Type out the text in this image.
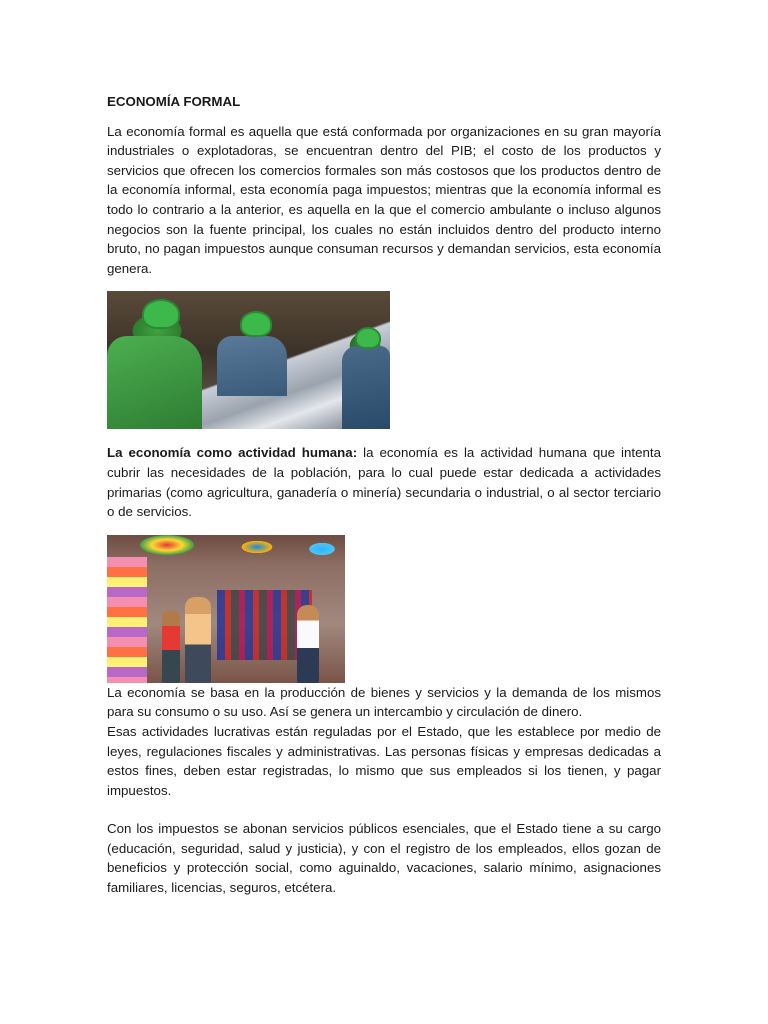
ECONOMÍA FORMAL

La economía formal es aquella que está conformada por organizaciones en su gran mayoría industriales o explotadoras, se encuentran dentro del PIB; el costo de los productos y servicios que ofrecen los comercios formales son más costosos que los productos dentro de la economía informal, esta economía paga impuestos; mientras que la economía informal es todo lo contrario a la anterior, es aquella en la que el comercio ambulante o incluso algunos negocios son la fuente principal, los cuales no están incluidos dentro del producto interno bruto, no pagan impuestos aunque consuman recursos y demandan servicios, esta economía genera.

La economía como actividad humana: la economía es la actividad humana que intenta cubrir las necesidades de la población, para lo cual puede estar dedicada a actividades primarias (como agricultura, ganadería o minería) secundaria o industrial, o al sector terciario o de servicios.

La economía se basa en la producción de bienes y servicios y la demanda de los mismos para su consumo o su uso. Así se genera un intercambio y circulación de dinero.

Esas actividades lucrativas están reguladas por el Estado, que les establece por medio de leyes, regulaciones fiscales y administrativas. Las personas físicas y empresas dedicadas a estos fines, deben estar registradas, lo mismo que sus empleados si los tienen, y pagar impuestos.

Con los impuestos se abonan servicios públicos esenciales, que el Estado tiene a su cargo (educación, seguridad, salud y justicia), y con el registro de los empleados, ellos gozan de beneficios y protección social, como aguinaldo, vacaciones, salario mínimo, asignaciones familiares, licencias, seguros, etcétera.
